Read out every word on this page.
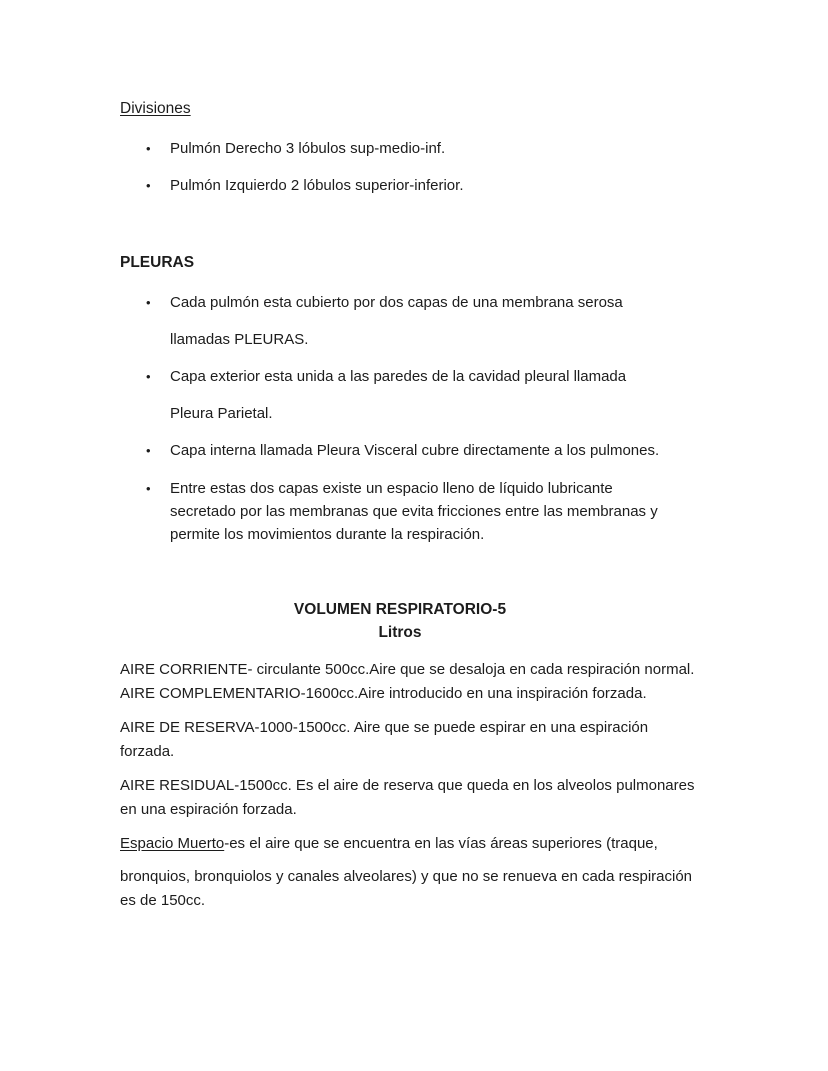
Divisiones
• Pulmón Derecho 3 lóbulos sup-medio-inf.
• Pulmón Izquierdo 2 lóbulos superior-inferior.
PLEURAS
• Cada pulmón esta cubierto por dos capas de una membrana serosa llamadas PLEURAS.
• Capa exterior esta unida a las paredes de la cavidad pleural llamada Pleura Parietal.
• Capa interna llamada Pleura Visceral cubre directamente a los pulmones.
• Entre estas dos capas existe un espacio lleno de líquido lubricante secretado por las membranas que evita fricciones entre las membranas y permite los movimientos durante la respiración.
VOLUMEN RESPIRATORIO-5
Litros

AIRE CORRIENTE- circulante 500cc.Aire que se desaloja en cada respiración normal. AIRE COMPLEMENTARIO-1600cc.Aire introducido en una inspiración forzada.

AIRE DE RESERVA-1000-1500cc. Aire que se puede espirar en una espiración forzada.

AIRE RESIDUAL-1500cc. Es el aire de reserva que queda en los alveolos pulmonares en una espiración forzada.

Espacio Muerto-es el aire que se encuentra en las vías áreas superiores (traque,

bronquios, bronquiolos y canales alveolares) y que no se renueva en cada respiración es de 150cc.
